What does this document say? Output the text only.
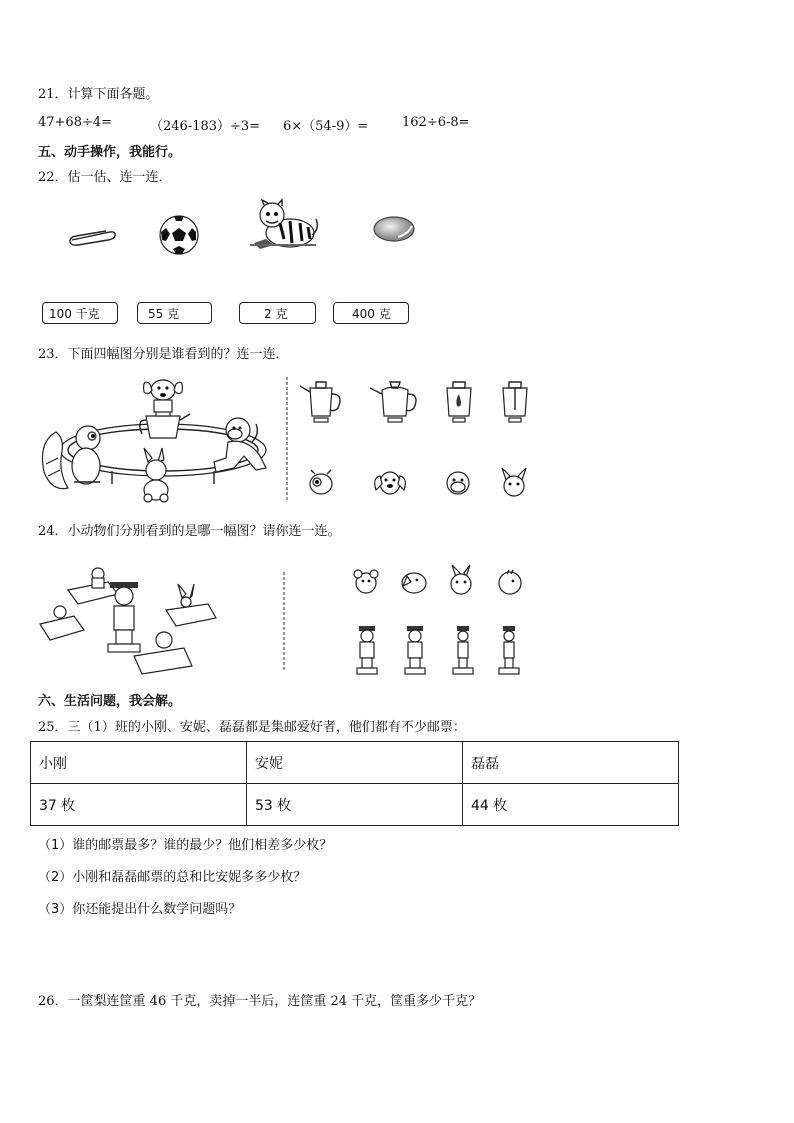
21．计算下面各题。
47+68÷4=	（246-183）÷3= 6×（54-9）=	162÷6-8=
五、动手操作，我能行。
22．估一估、连一连．
100 千克	55 克	2 克	400 克
23．下面四幅图分别是谁看到的？连一连．
24．小动物们分别看到的是哪一幅图？请你连一连。
六、生活问题，我会解。
25．三（1）班的小刚、安妮、磊磊都是集邮爱好者，他们都有不少邮票：
小刚	安妮	磊磊
37 枚	53 枚	44 枚
（1）谁的邮票最多？谁的最少？他们相差多少枚？
（2）小刚和磊磊邮票的总和比安妮多多少枚？
（3）你还能提出什么数学问题吗？
26．一筐梨连筐重 46 千克，卖掉一半后，连筐重 24 千克，筐重多少千克？
